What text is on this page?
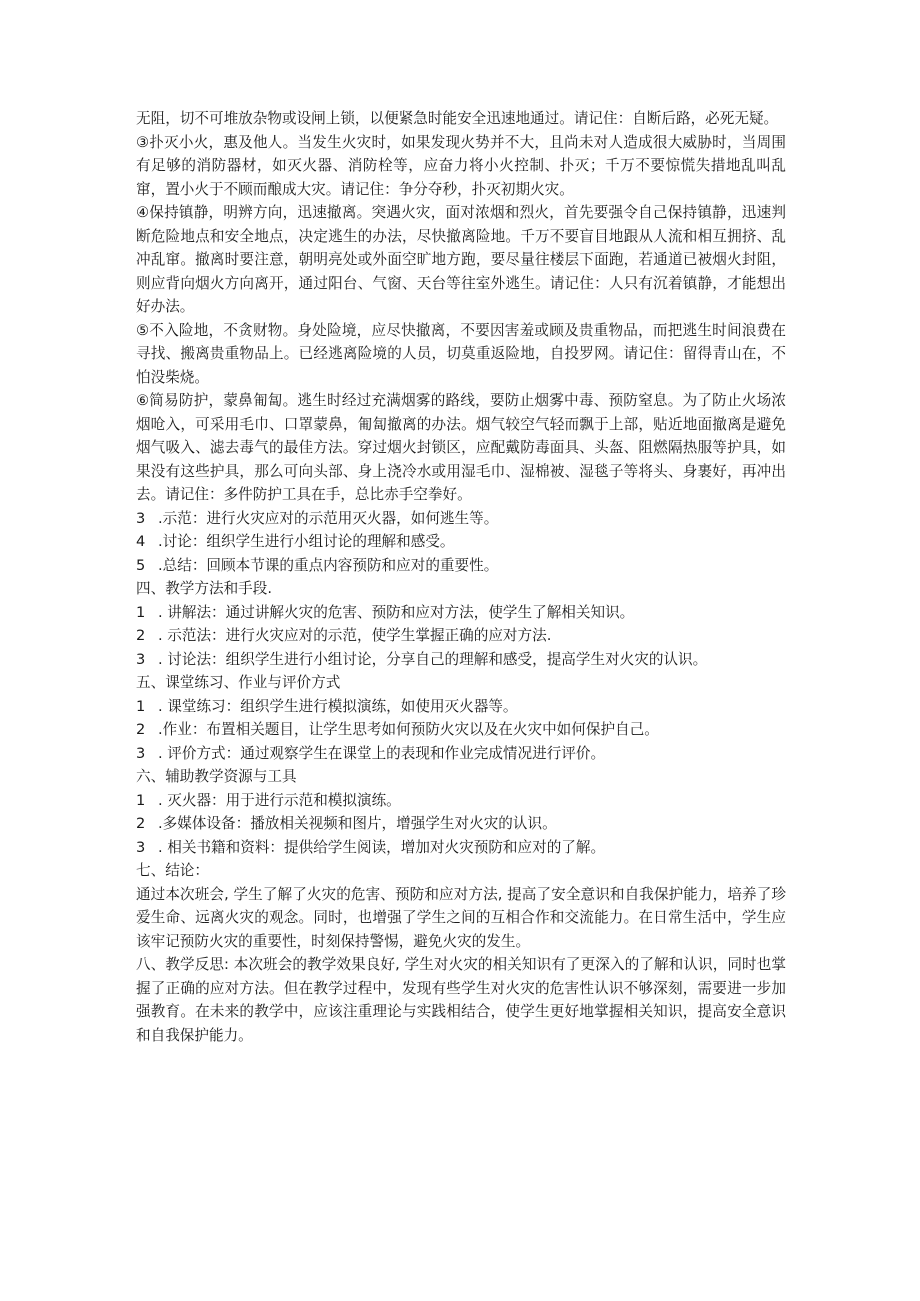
无阻，切不可堆放杂物或设闸上锁，以便紧急时能安全迅速地通过。请记住：自断后路，必死无疑。

③扑灭小火，惠及他人。当发生火灾时，如果发现火势并不大，且尚未对人造成很大威胁时，当周围有足够的消防器材，如灭火器、消防栓等，应奋力将小火控制、扑灭；千万不要惊慌失措地乱叫乱窜，置小火于不顾而酿成大灾。请记住：争分夺秒，扑灭初期火灾。

④保持镇静，明辨方向，迅速撤离。突遇火灾，面对浓烟和烈火，首先要强令自己保持镇静，迅速判断危险地点和安全地点，决定逃生的办法，尽快撤离险地。千万不要盲目地跟从人流和相互拥挤、乱冲乱窜。撤离时要注意，朝明亮处或外面空旷地方跑，要尽量往楼层下面跑，若通道已被烟火封阻，则应背向烟火方向离开，通过阳台、气窗、天台等往室外逃生。请记住：人只有沉着镇静，才能想出好办法。

⑤不入险地，不贪财物。身处险境，应尽快撤离，不要因害羞或顾及贵重物品，而把逃生时间浪费在寻找、搬离贵重物品上。已经逃离险境的人员，切莫重返险地，自投罗网。请记住：留得青山在，不怕没柴烧。

⑥简易防护，蒙鼻匍匐。逃生时经过充满烟雾的路线，要防止烟雾中毒、预防窒息。为了防止火场浓烟呛入，可采用毛巾、口罩蒙鼻，匍匐撤离的办法。烟气较空气轻而飘于上部，贴近地面撤离是避免烟气吸入、滤去毒气的最佳方法。穿过烟火封锁区，应配戴防毒面具、头盔、阻燃隔热服等护具，如果没有这些护具，那么可向头部、身上浇冷水或用湿毛巾、湿棉被、湿毯子等将头、身裹好，再冲出去。请记住：多件防护工具在手，总比赤手空拳好。

3 .示范：进行火灾应对的示范用灭火器，如何逃生等。
4 .讨论：组织学生进行小组讨论的理解和感受。
5 .总结：回顾本节课的重点内容预防和应对的重要性。

四、教学方法和手段.

1 . 讲解法：通过讲解火灾的危害、预防和应对方法，使学生了解相关知识。
2 . 示范法：进行火灾应对的示范，使学生掌握正确的应对方法.
3 . 讨论法：组织学生进行小组讨论，分享自己的理解和感受，提高学生对火灾的认识。

五、课堂练习、作业与评价方式

1 . 课堂练习：组织学生进行模拟演练，如使用灭火器等。
2 .作业：布置相关题目，让学生思考如何预防火灾以及在火灾中如何保护自己。
3 . 评价方式：通过观察学生在课堂上的表现和作业完成情况进行评价。

六、辅助教学资源与工具

1 . 灭火器：用于进行示范和模拟演练。
2 .多媒体设备：播放相关视频和图片，增强学生对火灾的认识。
3 . 相关书籍和资料：提供给学生阅读，增加对火灾预防和应对的了解。

七、结论：

通过本次班会, 学生了解了火灾的危害、预防和应对方法, 提高了安全意识和自我保护能力，培养了珍爱生命、远离火灾的观念。同时，也增强了学生之间的互相合作和交流能力。在日常生活中，学生应该牢记预防火灾的重要性，时刻保持警惕，避免火灾的发生。

八、教学反思: 本次班会的教学效果良好, 学生对火灾的相关知识有了更深入的了解和认识，同时也掌握了正确的应对方法。但在教学过程中，发现有些学生对火灾的危害性认识不够深刻，需要进一步加强教育。在未来的教学中，应该注重理论与实践相结合，使学生更好地掌握相关知识，提高安全意识和自我保护能力。
